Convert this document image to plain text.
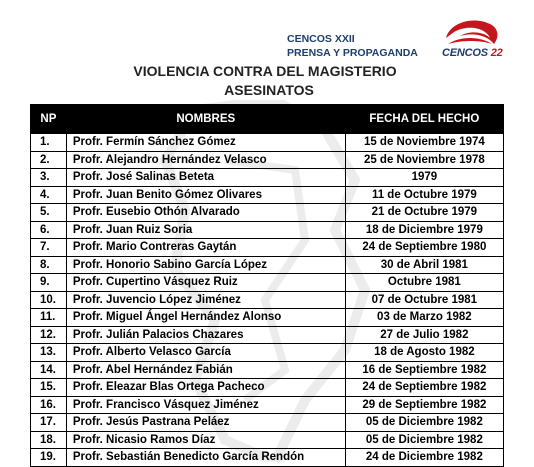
CENCOS XXII
PRENSA Y PROPAGANDA	CENCOS 22
VIOLENCIA CONTRA DEL MAGISTERIO
ASESINATOS
NP	NOMBRES	FECHA DEL HECHO
1.	Profr. Fermín Sánchez Gómez	15 de Noviembre 1974
2.	Profr. Alejandro Hernández Velasco	25 de Noviembre 1978
3.	Profr. José Salinas Beteta	1979
4.	Profr. Juan Benito Gómez Olivares	11 de Octubre 1979
5.	Profr. Eusebio Othón Alvarado	21 de Octubre 1979
6.	Profr. Juan Ruiz Soria	18 de Diciembre 1979
7.	Profr. Mario Contreras Gaytán	24 de Septiembre 1980
8.	Profr. Honorio Sabino García López	30 de Abril 1981
9.	Profr. Cupertino Vásquez Ruiz	Octubre 1981
10.	Profr. Juvencio López Jiménez	07 de Octubre 1981
11.	Profr. Miguel Ángel Hernández Alonso	03 de Marzo 1982
12.	Profr. Julián Palacios Chazares	27 de Julio 1982
13.	Profr. Alberto Velasco García	18 de Agosto 1982
14.	Profr. Abel Hernández Fabián	16 de Septiembre 1982
15.	Profr. Eleazar Blas Ortega Pacheco	24 de Septiembre 1982
16.	Profr. Francisco Vásquez Jiménez	29 de Septiembre 1982
17.	Profr. Jesús Pastrana Peláez	05 de Diciembre 1982
18.	Profr. Nicasio Ramos Díaz	05 de Diciembre 1982
19.	Profr. Sebastián Benedicto García Rendón	24 de Diciembre 1982
